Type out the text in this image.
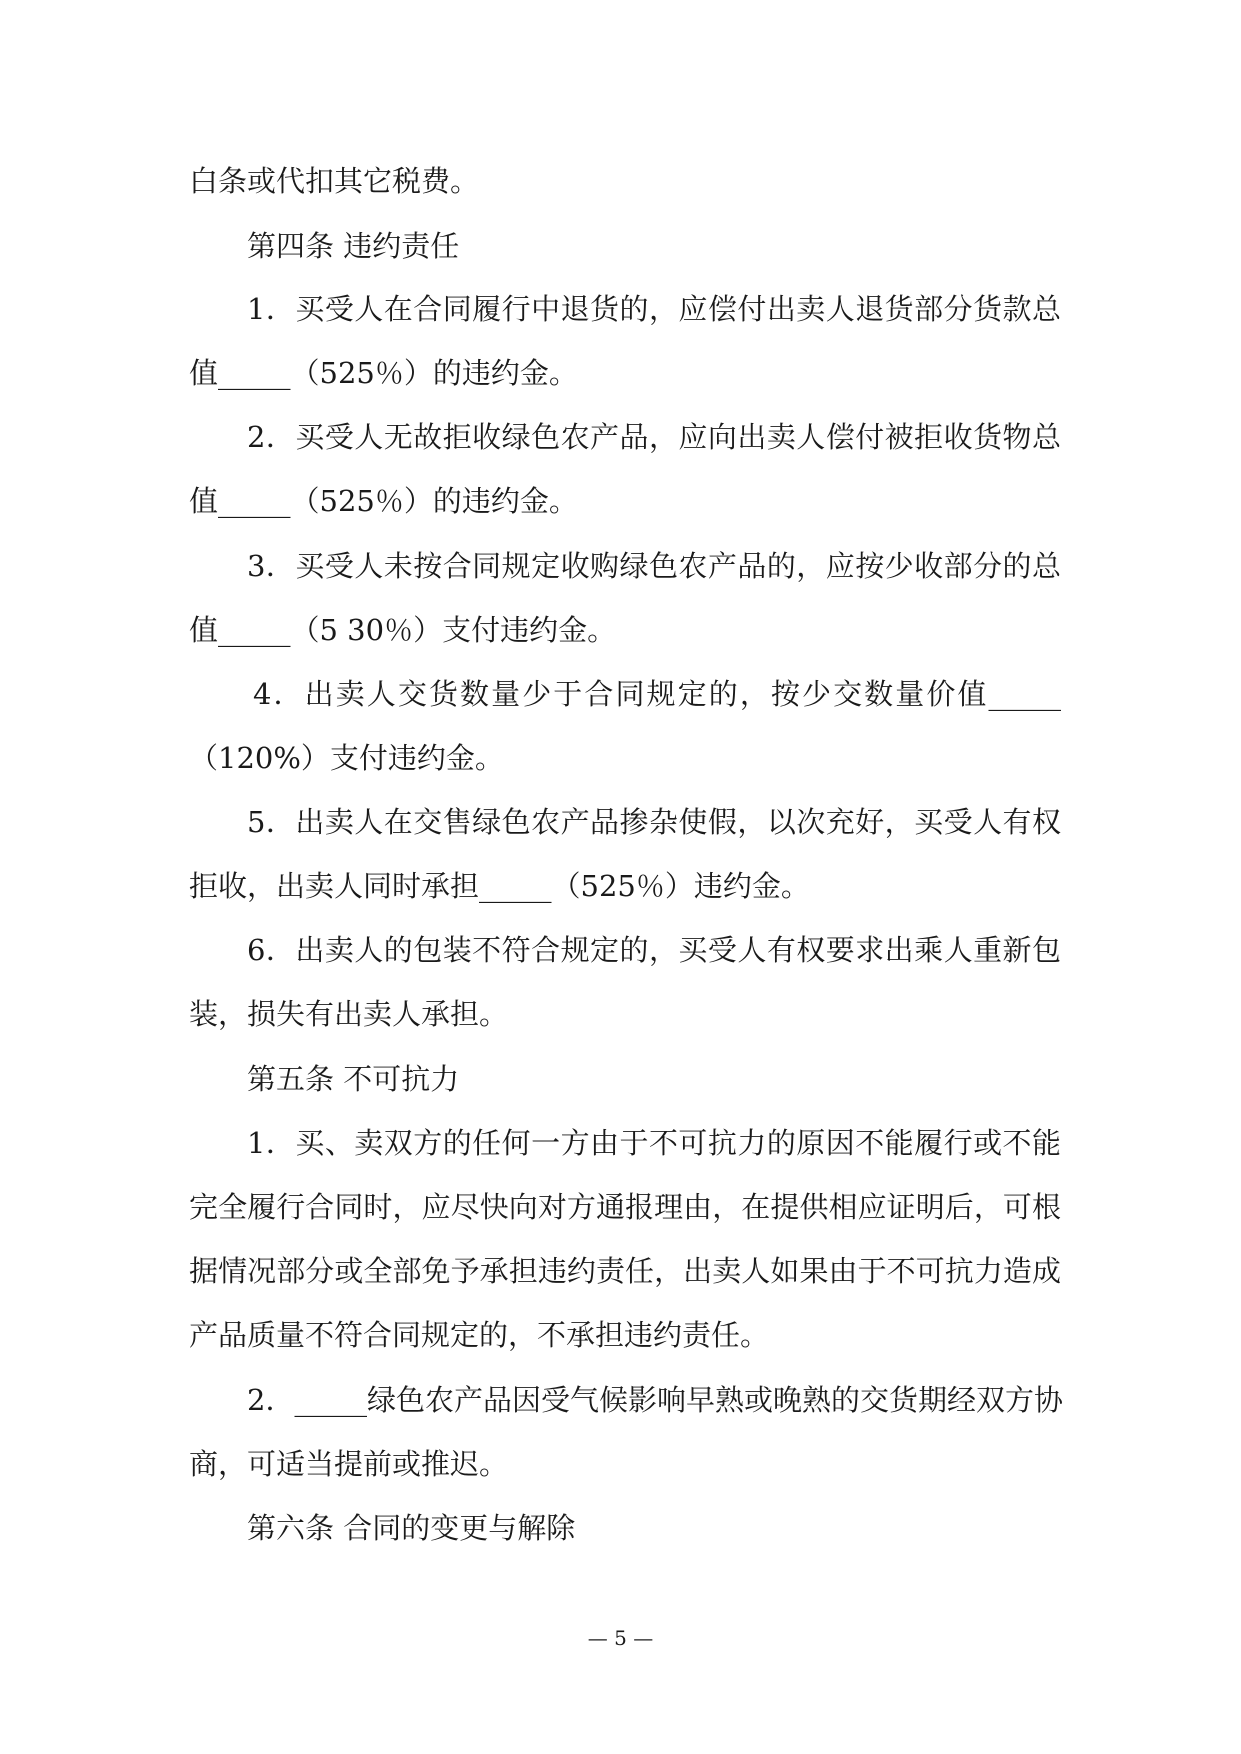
白条或代扣其它税费。
第四条 违约责任
1．买受人在合同履行中退货的，应偿付出卖人退货部分货款总
值_____（525％）的违约金。
2．买受人无故拒收绿色农产品，应向出卖人偿付被拒收货物总
值_____（525％）的违约金。
3．买受人未按合同规定收购绿色农产品的，应按少收部分的总
值_____（5 30％）支付违约金。
4．出卖人交货数量少于合同规定的，按少交数量价值_____
（120%）支付违约金。
5．出卖人在交售绿色农产品掺杂使假，以次充好，买受人有权
拒收，出卖人同时承担_____（525％）违约金。
6．出卖人的包装不符合规定的，买受人有权要求出乘人重新包
装，损失有出卖人承担。
第五条 不可抗力
1．买、卖双方的任何一方由于不可抗力的原因不能履行或不能
完全履行合同时，应尽快向对方通报理由，在提供相应证明后，可根
据情况部分或全部免予承担违约责任，出卖人如果由于不可抗力造成
产品质量不符合同规定的，不承担违约责任。
2．_____绿色农产品因受气候影响早熟或晚熟的交货期经双方协
商，可适当提前或推迟。
第六条 合同的变更与解除
— 5 —
